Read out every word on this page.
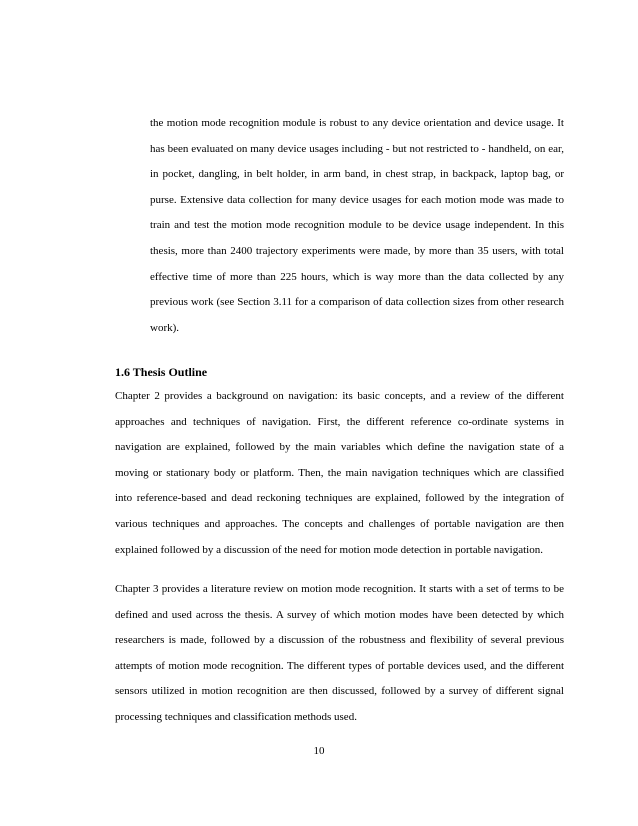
the motion mode recognition module is robust to any device orientation and device usage. It has been evaluated on many device usages including - but not restricted to - handheld, on ear, in pocket, dangling, in belt holder, in arm band, in chest strap, in backpack, laptop bag, or purse. Extensive data collection for many device usages for each motion mode was made to train and test the motion mode recognition module to be device usage independent. In this thesis, more than 2400 trajectory experiments were made, by more than 35 users, with total effective time of more than 225 hours, which is way more than the data collected by any previous work (see Section 3.11 for a comparison of data collection sizes from other research work).

1.6 Thesis Outline

Chapter 2 provides a background on navigation: its basic concepts, and a review of the different approaches and techniques of navigation. First, the different reference co-ordinate systems in navigation are explained, followed by the main variables which define the navigation state of a moving or stationary body or platform. Then, the main navigation techniques which are classified into reference-based and dead reckoning techniques are explained, followed by the integration of various techniques and approaches. The concepts and challenges of portable navigation are then explained followed by a discussion of the need for motion mode detection in portable navigation.

Chapter 3 provides a literature review on motion mode recognition. It starts with a set of terms to be defined and used across the thesis. A survey of which motion modes have been detected by which researchers is made, followed by a discussion of the robustness and flexibility of several previous attempts of motion mode recognition. The different types of portable devices used, and the different sensors utilized in motion recognition are then discussed, followed by a survey of different signal processing techniques and classification methods used.

10
